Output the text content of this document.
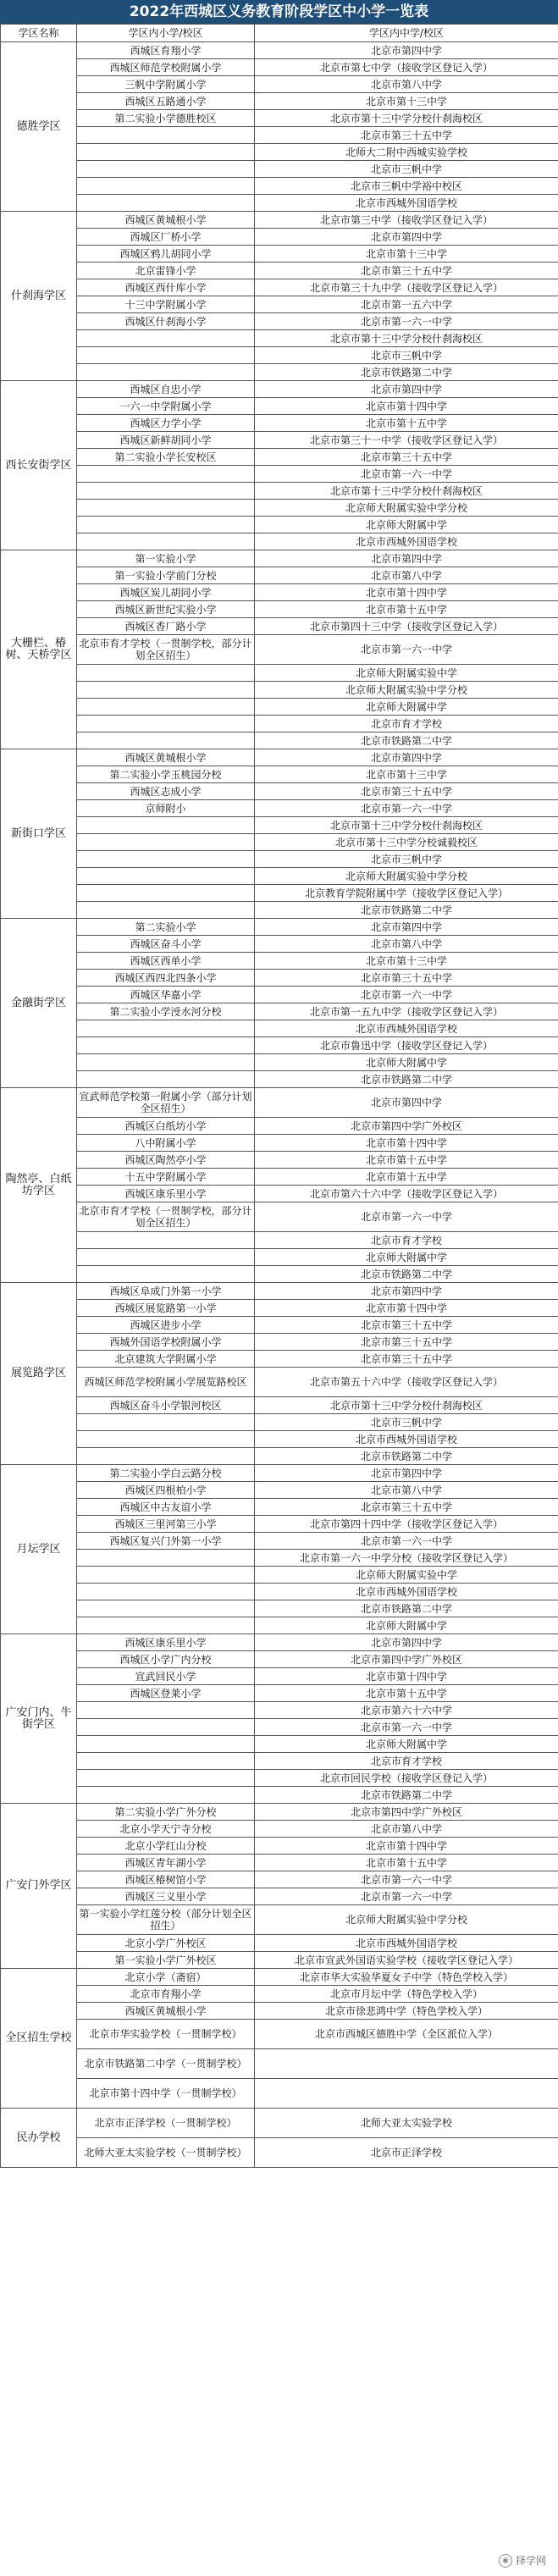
2022年西城区义务教育阶段学区中小学一览表
学区名称	学区内小学/校区	学区内中学/校区
德胜学区	西城区育翔小学	北京市第四中学
	西城区师范学校附属小学	北京市第七中学（接收学区登记入学）
	三帆中学附属小学	北京市第八中学
	西城区五路通小学	北京市第十三中学
	第二实验小学德胜校区	北京市第十三中学分校什刹海校区
		北京市第三十五中学
		北师大二附中西城实验学校
		北京市三帆中学
		北京市三帆中学裕中校区
		北京市西城外国语学校
什刹海学区	西城区黄城根小学	北京市第三中学（接收学区登记入学）
	西城区厂桥小学	北京市第四中学
	西城区鸦儿胡同小学	北京市第十三中学
	北京雷锋小学	北京市第三十五中学
	西城区西什库小学	北京市第三十九中学（接收学区登记入学）
	十三中学附属小学	北京市第一五六中学
	西城区什刹海小学	北京市第一六一中学
		北京市第十三中学分校什刹海校区
		北京市三帆中学
		北京市铁路第二中学
西长安街学区	西城区自忠小学	北京市第四中学
	一六一中学附属小学	北京市第十四中学
	西城区力学小学	北京市第十五中学
	西城区新鲜胡同小学	北京市第三十一中学（接收学区登记入学）
	第二实验小学长安校区	北京市第三十五中学
		北京市第一六一中学
		北京市第十三中学分校什刹海校区
		北京师大附属实验中学分校
		北京师大附属中学
		北京市西城外国语学校
大栅栏、椿树、天桥学区	第一实验小学	北京市第四中学
	第一实验小学前门分校	北京市第八中学
	西城区炭儿胡同小学	北京市第十四中学
	西城区新世纪实验小学	北京市第十五中学
	西城区香厂路小学	北京市第四十三中学（接收学区登记入学）
	北京市育才学校（一贯制学校，部分计划全区招生）	北京市第一六一中学
		北京师大附属实验中学
		北京师大附属实验中学分校
		北京师大附属中学
		北京市育才学校
		北京市铁路第二中学
新街口学区	西城区黄城根小学	北京市第四中学
	第二实验小学玉桃园分校	北京市第十三中学
	西城区志成小学	北京市第三十五中学
	京师附小	北京市第一六一中学
		北京市第十三中学分校什刹海校区
		北京市第十三中学分校诚毅校区
		北京市三帆中学
		北京师大附属实验中学分校
		北京教育学院附属中学（接收学区登记入学）
		北京市铁路第二中学
金融街学区	第二实验小学	北京市第四中学
	西城区奋斗小学	北京市第八中学
	西城区西单小学	北京市第十三中学
	西城区西四北四条小学	北京市第三十五中学
	西城区华嘉小学	北京市第一六一中学
	第二实验小学涭水河分校	北京市第一五九中学（接收学区登记入学）
		北京市西城外国语学校
		北京市鲁迅中学（接收学区登记入学）
		北京师大附属中学
		北京市铁路第二中学
陶然亭、白纸坊学区	宣武师范学校第一附属小学（部分计划全区招生）	北京市第四中学
	西城区白纸坊小学	北京市第四中学广外校区
	八中附属小学	北京市第十四中学
	西城区陶然亭小学	北京市第十五中学
	十五中学附属小学	北京市第十五中学
	西城区康乐里小学	北京市第六十六中学（接收学区登记入学）
	北京市育才学校（一贯制学校，部分计划全区招生）	北京市第一六一中学
		北京市育才学校
		北京师大附属中学
		北京市铁路第二中学
展览路学区	西城区阜成门外第一小学	北京市第四中学
	西城区展览路第一小学	北京市第十四中学
	西城区进步小学	北京市第三十五中学
	西城外国语学校附属小学	北京市第三十五中学
	北京建筑大学附属小学	北京市第三十五中学
	西城区师范学校附属小学展览路校区	北京市第五十六中学（接收学区登记入学）
	西城区奋斗小学银河校区	北京市第十三中学分校什刹海校区
		北京市三帆中学
		北京市西城外国语学校
		北京市铁路第二中学
月坛学区	第二实验小学白云路分校	北京市第四中学
	西城区四根柏小学	北京市第八中学
	西城区中古友谊小学	北京市第三十五中学
	西城区三里河第三小学	北京市第四十四中学（接收学区登记入学）
	西城区复兴门外第一小学	北京市第一六一中学
		北京市第一六一中学分校（接收学区登记入学）
		北京师大附属实验中学
		北京市西城外国语学校
		北京市铁路第二中学
		北京师大附属中学
广安门内、牛街学区	西城区康乐里小学	北京市第四中学
	西城区小学广内分校	北京市第四中学广外校区
	宣武回民小学	北京市第十四中学
	西城区登莱小学	北京市第十五中学
		北京市第六十六中学
		北京市第一六一中学
		北京师大附属中学
		北京市育才学校
		北京市回民学校（接收学区登记入学）
		北京市铁路第二中学
广安门外学区	第二实验小学广外分校	北京市第四中学广外校区
	北京小学天宁寺分校	北京市第八中学
	北京小学红山分校	北京市第十四中学
	西城区青年湖小学	北京市第十五中学
	西城区椿树馆小学	北京市第一六一中学
	西城区三义里小学	北京市第一六一中学
	第一实验小学红莲分校（部分计划全区招生）	北京师大附属实验中学分校
	北京小学广外校区	北京市西城外国语学校
	第一实验小学广外校区	北京市宣武外国语实验学校（接收学区登记入学）
全区招生学校	北京小学（斋宿）	北京市华大实验华夏女子中学（特色学校入学）
	北京市育翔小学	北京市月坛中学（特色学校入学）
	西城区黄城根小学	北京市徐悲鸿中学（特色学校入学）
	北京市华实验学校（一贯制学校）	北京市西城区德胜中学（全区派位入学）
	北京市铁路第二中学（一贯制学校）	
	北京市第十四中学（一贯制学校）	
民办学校	北京市正泽学校（一贯制学校）	北师大亚太实验学校
	北师大亚太实验学校（一贯制学校）	北京市正泽学校
◉ 择学网
